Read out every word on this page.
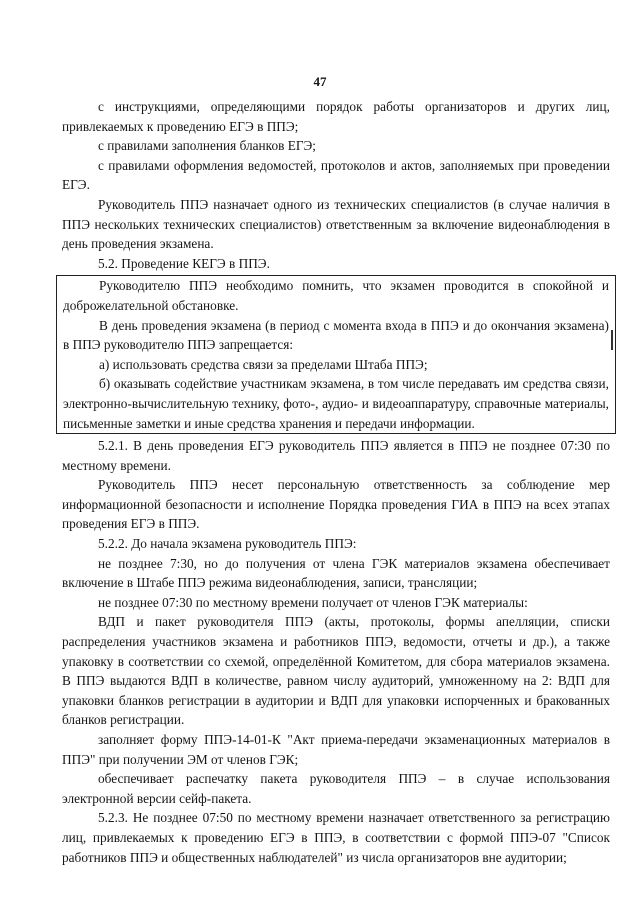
47

с инструкциями, определяющими порядок работы организаторов и других лиц, привлекаемых к проведению ЕГЭ в ППЭ;

с правилами заполнения бланков ЕГЭ;

с правилами оформления ведомостей, протоколов и актов, заполняемых при проведении ЕГЭ.

Руководитель ППЭ назначает одного из технических специалистов (в случае наличия в ППЭ нескольких технических специалистов) ответственным за включение видеонаблюдения в день проведения экзамена.

5.2. Проведение КЕГЭ в ППЭ.

Руководителю ППЭ необходимо помнить, что экзамен проводится в спокойной и доброжелательной обстановке.

В день проведения экзамена (в период с момента входа в ППЭ и до окончания экзамена) в ППЭ руководителю ППЭ запрещается:

а) использовать средства связи за пределами Штаба ППЭ;

б) оказывать содействие участникам экзамена, в том числе передавать им средства связи, электронно-вычислительную технику, фото-, аудио- и видеоаппаратуру, справочные материалы, письменные заметки и иные средства хранения и передачи информации.

5.2.1. В день проведения ЕГЭ руководитель ППЭ является в ППЭ не позднее 07:30 по местному времени.

Руководитель ППЭ несет персональную ответственность за соблюдение мер информационной безопасности и исполнение Порядка проведения ГИА в ППЭ на всех этапах проведения ЕГЭ в ППЭ.

5.2.2. До начала экзамена руководитель ППЭ:

не позднее 7:30, но до получения от члена ГЭК материалов экзамена обеспечивает включение в Штабе ППЭ режима видеонаблюдения, записи, трансляции;

не позднее 07:30 по местному времени получает от членов ГЭК материалы:

ВДП и пакет руководителя ППЭ (акты, протоколы, формы апелляции, списки распределения участников экзамена и работников ППЭ, ведомости, отчеты и др.), а также упаковку в соответствии со схемой, определённой Комитетом, для сбора материалов экзамена. В ППЭ выдаются ВДП в количестве, равном числу аудиторий, умноженному на 2: ВДП для упаковки бланков регистрации в аудитории и ВДП для упаковки испорченных и бракованных бланков регистрации.

заполняет форму ППЭ-14-01-К "Акт приема-передачи экзаменационных материалов в ППЭ" при получении ЭМ от членов ГЭК;

обеспечивает распечатку пакета руководителя ППЭ – в случае использования электронной версии сейф-пакета.

5.2.3. Не позднее 07:50 по местному времени назначает ответственного за регистрацию лиц, привлекаемых к проведению ЕГЭ в ППЭ, в соответствии с формой ППЭ-07 "Список работников ППЭ и общественных наблюдателей" из числа организаторов вне аудитории;
